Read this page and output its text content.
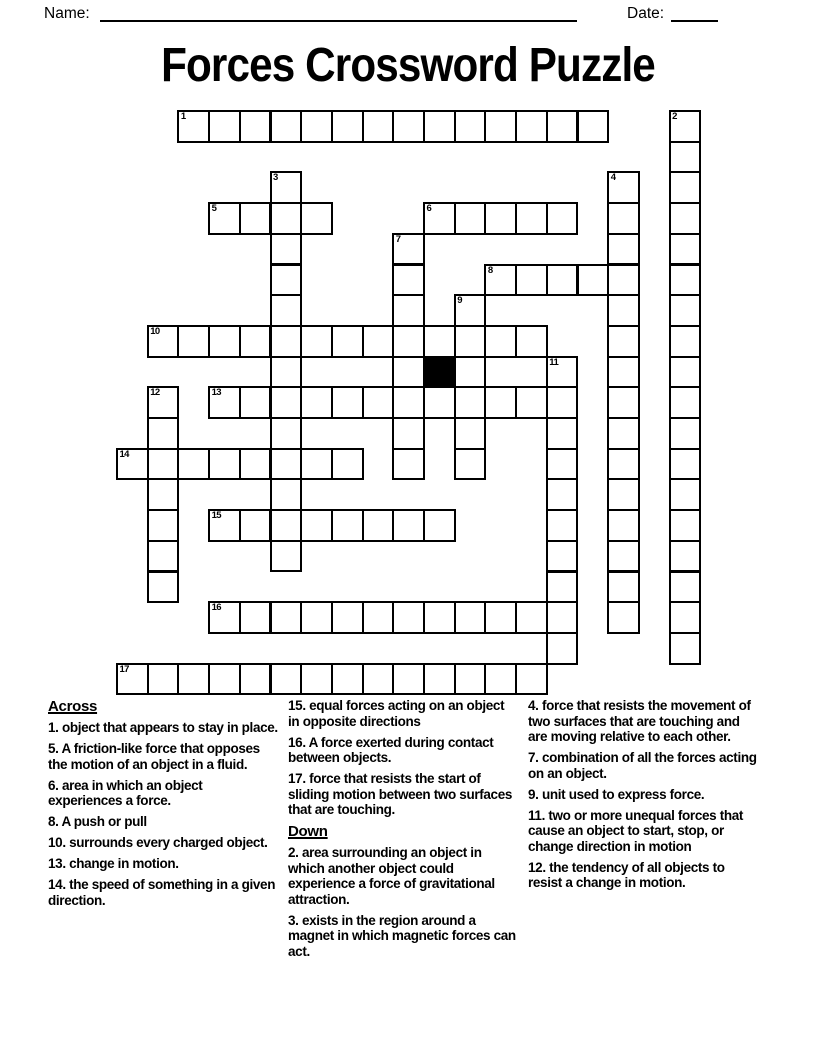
Name:	Date:
Forces Crossword Puzzle
1	2
3	4
5	6
7
8
9
10
11
12	13
14
15
16
17
Across
1. object that appears to stay in place.
5. A friction-like force that opposes the motion of an object in a fluid.
6. area in which an object experiences a force.
8. A push or pull
10. surrounds every charged object.
13. change in motion.
14. the speed of something in a given direction.
15. equal forces acting on an object in opposite directions
16. A force exerted during contact between objects.
17. force that resists the start of sliding motion between two surfaces that are touching.
Down
2. area surrounding an object in which another object could experience a force of gravitational attraction.
3. exists in the region around a magnet in which magnetic forces can act.
4. force that resists the movement of two surfaces that are touching and are moving relative to each other.
7. combination of all the forces acting on an object.
9. unit used to express force.
11. two or more unequal forces that cause an object to start, stop, or change direction in motion
12. the tendency of all objects to resist a change in motion.
